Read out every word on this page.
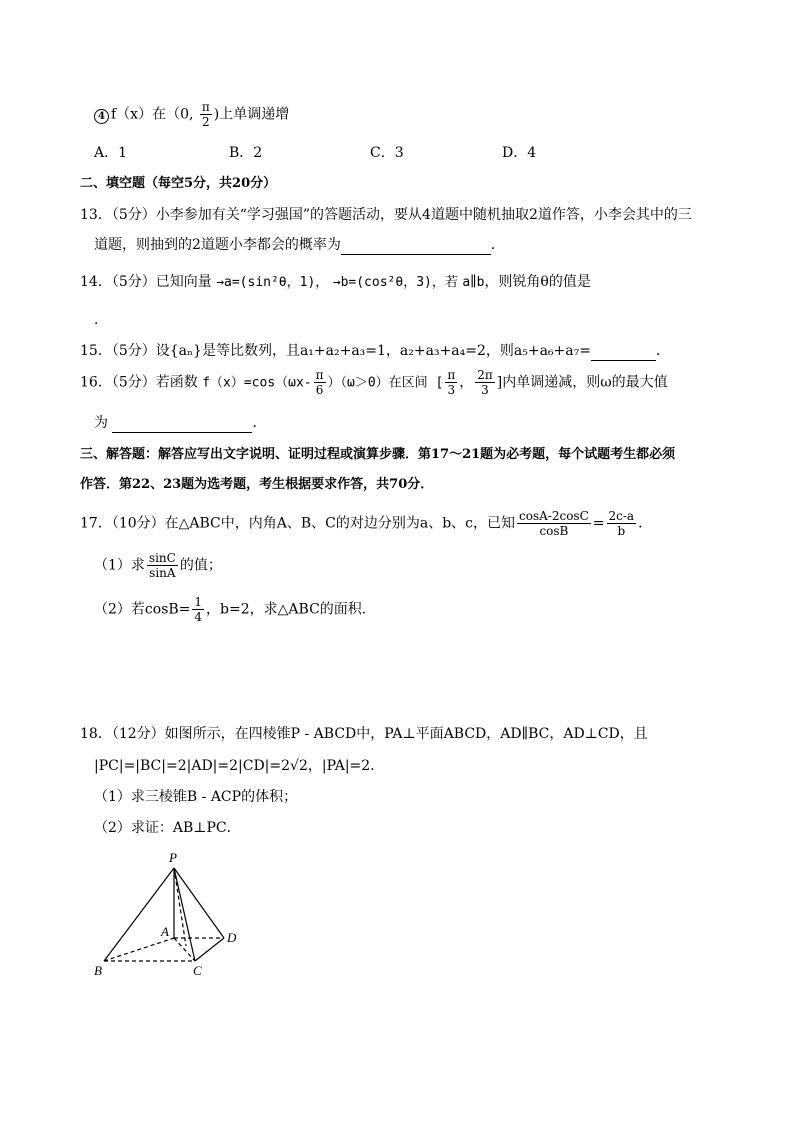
4 f（x）在（0, $\frac{\pi}{2}$ )上单调递增
A．1	B．2	C．3	D．4
二、填空题（每空5分，共20分）
13．（5分）小李参加有关“学习强国”的答题活动，要从4道题中随机抽取2道作答，小李会其中的三
道题，则抽到的2道题小李都会的概率为	．
14．（5分）已知向量 →a=(sin²θ，1)， →b=(cos²θ，3)，若 a∥b，则锐角θ的值是
．
15．（5分）设{aₙ}是等比数列，且a₁+a₂+a₃=1，a₂+a₃+a₄=2，则a₅+a₆+a₇=	．
16．（5分）若函数 $f(x)=\cos(\omega x- \frac{\pi}{6} )(\omega>0)$在区间 [ $\frac{\pi}{3}$ ， $\frac{2\pi}{3}$ ]内单调递减，则ω的最大值
为	．
三、解答题：解答应写出文字说明、证明过程或演算步骤．第17～21题为必考题，每个试题考生都必须
作答．第22、23题为选考题，考生根据要求作答，共70分．
17．（10分）在△ABC中，内角A、B、C的对边分别为a、b、c，已知 $\frac{\cos A-2\cos C}{\cos B} = \frac{2c-a}{b}$ ．
（1）求 $\frac{\sin C}{\sin A}$ 的值；
（2）若$\cos B= \frac{1}{4}$ ，b=2，求△ABC的面积．
18．（12分）如图所示，在四棱锥P - ABCD中，PA⊥平面ABCD，AD∥BC，AD⊥CD，且
|PC|=|BC|=2|AD|=2|CD|=2√2，|PA|=2．
（1）求三棱锥B - ACP的体积；
（2）求证：AB⊥PC．
P
A
B	C
D
